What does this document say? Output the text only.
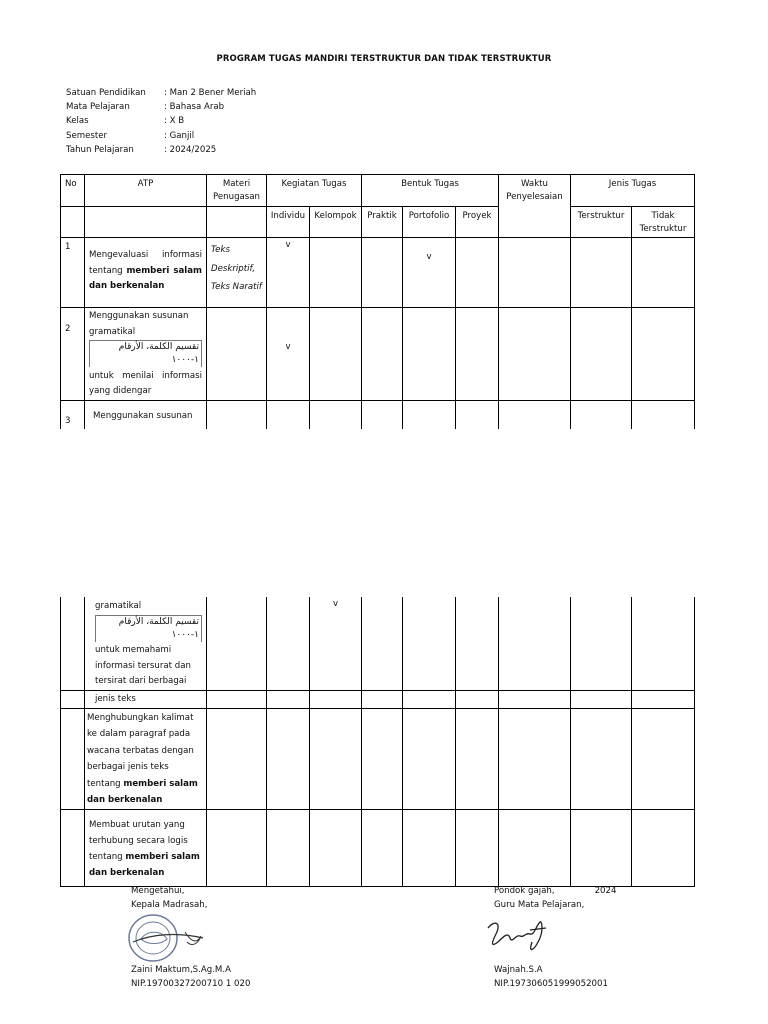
PROGRAM TUGAS MANDIRI TERSTRUKTUR DAN TIDAK TERSTRUKTUR
Satuan Pendidikan	: Man 2 Bener Meriah
Mata Pelajaran	: Bahasa Arab
Kelas	: X B
Semester	: Ganjil
Tahun Pelajaran	: 2024/2025
No	ATP	Materi Penugasan	Kegiatan Tugas		Bentuk Tugas			Waktu Penyelesaian	Jenis Tugas	
			Individu	Kelompok	Praktik	Portofolio	Proyek		Terstruktur	Tidak Terstruktur
1	Mengevaluasi informasi tentang memberi salam dan berkenalan	Teks Deskriptif, Teks Naratif	v			v				
2	Menggunakan susunan gramatikal
تقسيم الكلمة، الأرقام ١-١٠٠٠
untuk menilai informasi yang didengar		v							
3	Menggunakan susunan									

	gramatikal
تقسيم الكلمة، الأرقام ١-١٠٠٠
untuk memahami informasi tersurat dan tersirat dari berbagai			v						
	jenis teks									
	Menghubungkan kalimat ke dalam paragraf pada wacana terbatas dengan berbagai jenis teks tentang memberi salam dan berkenalan									
	Membuat urutan yang terhubung secara logis tentang memberi salam dan berkenalan									
Mengetahui,
Kepala Madrasah,
Pondok gajah,	2024
Guru Mata Pelajaran,
Zaini Maktum,S.Ag.M.A
NIP.19700327200710 1 020
Wajnah.S.A
NIP.197306051999052001
